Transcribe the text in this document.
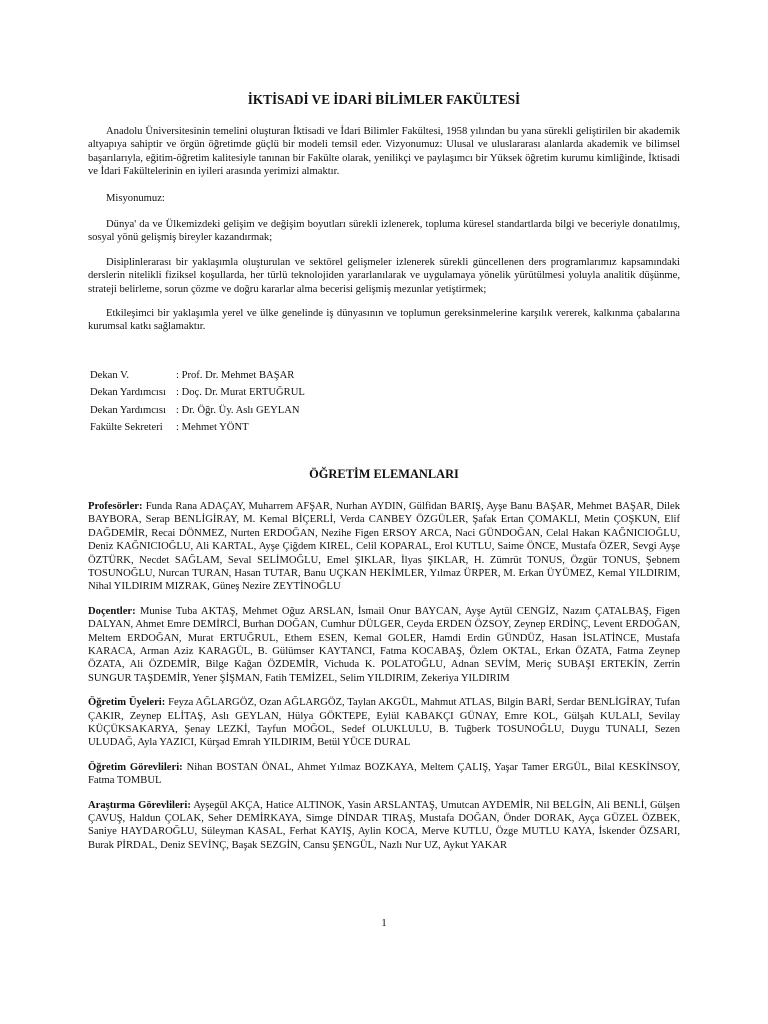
İKTİSADİ VE İDARİ BİLİMLER FAKÜLTESİ

Anadolu Üniversitesinin temelini oluşturan İktisadi ve İdari Bilimler Fakültesi, 1958 yılından bu yana sürekli geliştirilen bir akademik altyapıya sahiptir ve örgün öğretimde güçlü bir modeli temsil eder. Vizyonumuz: Ulusal ve uluslararası alanlarda akademik ve bilimsel başarılarıyla, eğitim-öğretim kalitesiyle tanınan bir Fakülte olarak, yenilikçi ve paylaşımcı bir Yüksek öğretim kurumu kimliğinde, İktisadi ve İdari Fakültelerinin en iyileri arasında yerimizi almaktır.

Misyonumuz:

Dünya' da ve Ülkemizdeki gelişim ve değişim boyutları sürekli izlenerek, topluma küresel standartlarda bilgi ve beceriyle donatılmış, sosyal yönü gelişmiş bireyler kazandırmak;

Disiplinlerarası bir yaklaşımla oluşturulan ve sektörel gelişmeler izlenerek sürekli güncellenen ders programlarımız kapsamındaki derslerin nitelikli fiziksel koşullarda, her türlü teknolojiden yararlanılarak ve uygulamaya yönelik yürütülmesi yoluyla analitik düşünme, strateji belirleme, sorun çözme ve doğru kararlar alma becerisi gelişmiş mezunlar yetiştirmek;

Etkileşimci bir yaklaşımla yerel ve ülke genelinde iş dünyasının ve toplumun gereksinmelerine karşılık vererek, kalkınma çabalarına kurumsal katkı sağlamaktır.

Dekan V.	: Prof. Dr. Mehmet BAŞAR
Dekan Yardımcısı : Doç. Dr. Murat ERTUĞRUL
Dekan Yardımcısı : Dr. Öğr. Üy. Aslı GEYLAN
Fakülte Sekreteri	: Mehmet YÖNT
ÖĞRETİM ELEMANLARI

Profesörler: Funda Rana ADAÇAY, Muharrem AFŞAR, Nurhan AYDIN, Gülfidan BARIŞ, Ayşe Banu BAŞAR, Mehmet BAŞAR, Dilek BAYBORA, Serap BENLİGİRAY, M. Kemal BİÇERLİ, Verda CANBEY ÖZGÜLER, Şafak Ertan ÇOMAKLI, Metin ÇOŞKUN, Elif DAĞDEMİR, Recai DÖNMEZ, Nurten ERDOĞAN, Nezihe Figen ERSOY ARCA, Naci GÜNDOĞAN, Celal Hakan KAĞNICIOĞLU, Deniz KAĞNICIOĞLU, Ali KARTAL, Ayşe Çiğdem KIREL, Celil KOPARAL, Erol KUTLU, Saime ÖNCE, Mustafa ÖZER, Sevgi Ayşe ÖZTÜRK, Necdet SAĞLAM, Seval SELİMOĞLU, Emel ŞIKLAR, İlyas ŞIKLAR, H. Zümrüt TONUS, Özgür TONUS, Şebnem TOSUNOĞLU, Nurcan TURAN, Hasan TUTAR, Banu UÇKAN HEKİMLER, Yılmaz ÜRPER, M. Erkan ÜYÜMEZ, Kemal YILDIRIM, Nihal YILDIRIM MIZRAK, Güneş Nezire ZEYTİNOĞLU

Doçentler: Munise Tuba AKTAŞ, Mehmet Oğuz ARSLAN, İsmail Onur BAYCAN, Ayşe Aytül CENGİZ, Nazım ÇATALBAŞ, Figen DALYAN, Ahmet Emre DEMİRCİ, Burhan DOĞAN, Cumhur DÜLGER, Ceyda ERDEN ÖZSOY, Zeynep ERDİNÇ, Levent ERDOĞAN, Meltem ERDOĞAN, Murat ERTUĞRUL, Ethem ESEN, Kemal GOLER, Hamdi Erdin GÜNDÜZ, Hasan İSLATİNCE, Mustafa KARACA, Arman Aziz KARAGÜL, B. Gülümser KAYTANCI, Fatma KOCABAŞ, Özlem OKTAL, Erkan ÖZATA, Fatma Zeynep ÖZATA, Ali ÖZDEMİR, Bilge Kağan ÖZDEMİR, Vichuda K. POLATOĞLU, Adnan SEVİM, Meriç SUBAŞI ERTEKİN, Zerrin SUNGUR TAŞDEMİR, Yener ŞİŞMAN, Fatih TEMİZEL, Selim YILDIRIM, Zekeriya YILDIRIM

Öğretim Üyeleri: Feyza AĞLARGÖZ, Ozan AĞLARGÖZ, Taylan AKGÜL, Mahmut ATLAS, Bilgin BARİ, Serdar BENLİGİRAY, Tufan ÇAKIR, Zeynep ELİTAŞ, Aslı GEYLAN, Hülya GÖKTEPE, Eylül KABAKÇI GÜNAY, Emre KOL, Gülşah KULALI, Sevilay KÜÇÜKSAKARYA, Şenay LEZKİ, Tayfun MOĞOL, Sedef OLUKLULU, B. Tuğberk TOSUNOĞLU, Duygu TUNALI, Sezen ULUDAĞ, Ayla YAZICI, Kürşad Emrah YILDIRIM, Betül YÜCE DURAL

Öğretim Görevlileri: Nihan BOSTAN ÖNAL, Ahmet Yılmaz BOZKAYA, Meltem ÇALIŞ, Yaşar Tamer ERGÜL, Bilal KESKİNSOY, Fatma TOMBUL

Araştırma Görevlileri: Ayşegül AKÇA, Hatice ALTINOK, Yasin ARSLANTAŞ, Umutcan AYDEMİR, Nil BELGİN, Ali BENLİ, Gülşen ÇAVUŞ, Haldun ÇOLAK, Seher DEMİRKAYA, Simge DİNDAR TIRAŞ, Mustafa DOĞAN, Önder DORAK, Ayça GÜZEL ÖZBEK, Saniye HAYDAROĞLU, Süleyman KASAL, Ferhat KAYIŞ, Aylin KOCA, Merve KUTLU, Özge MUTLU KAYA, İskender ÖZSARI, Burak PİRDAL, Deniz SEVİNÇ, Başak SEZGİN, Cansu ŞENGÜL, Nazlı Nur UZ, Aykut YAKAR

1
